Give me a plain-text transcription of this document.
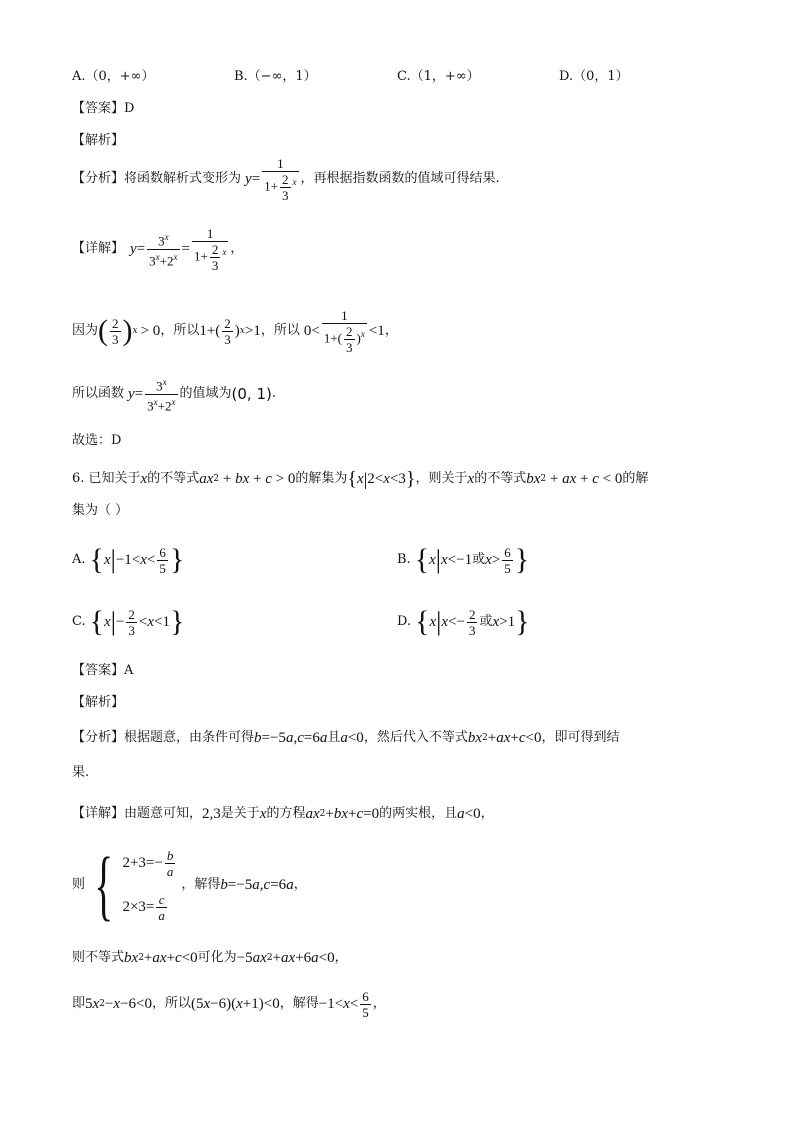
A.（0，+∞）	B.（−∞，1）	C.（1，+∞）	D.（0，1）
【答案】D
【解析】
【分析】将函数解析式变形为 $y = \frac{1}{1+ \frac{2}{3} ^x}$ ，再根据指数函数的值域可得结果.
【详解】 $y = \frac{3^x}{3^x+2^x} = \frac{1}{1+ \frac{2}{3} ^x}$ ，
因为 ( $\frac{2}{3}$ ) x > 0 ，所以 $1+( \frac{2}{3}$ ) x >1 ，所以 $0< \frac{1}{1+( \frac{2}{3} )^x} <1$ ，
所以函数 $y = \frac{3^x}{3^x+2^x}$ 的值域为 (0, 1) .
故选：D
6. 已知关于 x 的不等式 ax 2 + bx + c > 0 的解集为 { x | 2< x <3 } ，则关于 x 的不等式 bx 2 + ax + c < 0 的解
集为（ ）
A. { x | $-1< x < \frac{6}{5}$ }	B. { x | x <−1 或 $x > \frac{6}{5}$ }
C. { x | − $\frac{2}{3} < x <1$ }	D. { x | $x <- \frac{2}{3}$ 或 x >1 }
【答案】A
【解析】
【分析】根据题意，由条件可得 b =−5 a , c =6 a 且 a <0 ，然后代入不等式 bx 2 + ax + c <0 ，即可得到结
果.
【详解】由题意可知， 2,3 是关于 x 的方程 ax 2 + bx + c =0 的两实根，且 a <0 ，
则 { $2+3=- \frac{b}{a}$
$2\times 3= \frac{c}{a}$
，解得 b =−5 a , c =6 a ，
则不等式 bx 2 + ax + c <0 可化为 −5 ax 2 + ax +6 a <0 ，
即 5 x 2 − x −6<0 ，所以 (5 x −6)( x +1)<0 ，解得 $-1< x < \frac{6}{5}$ ，
